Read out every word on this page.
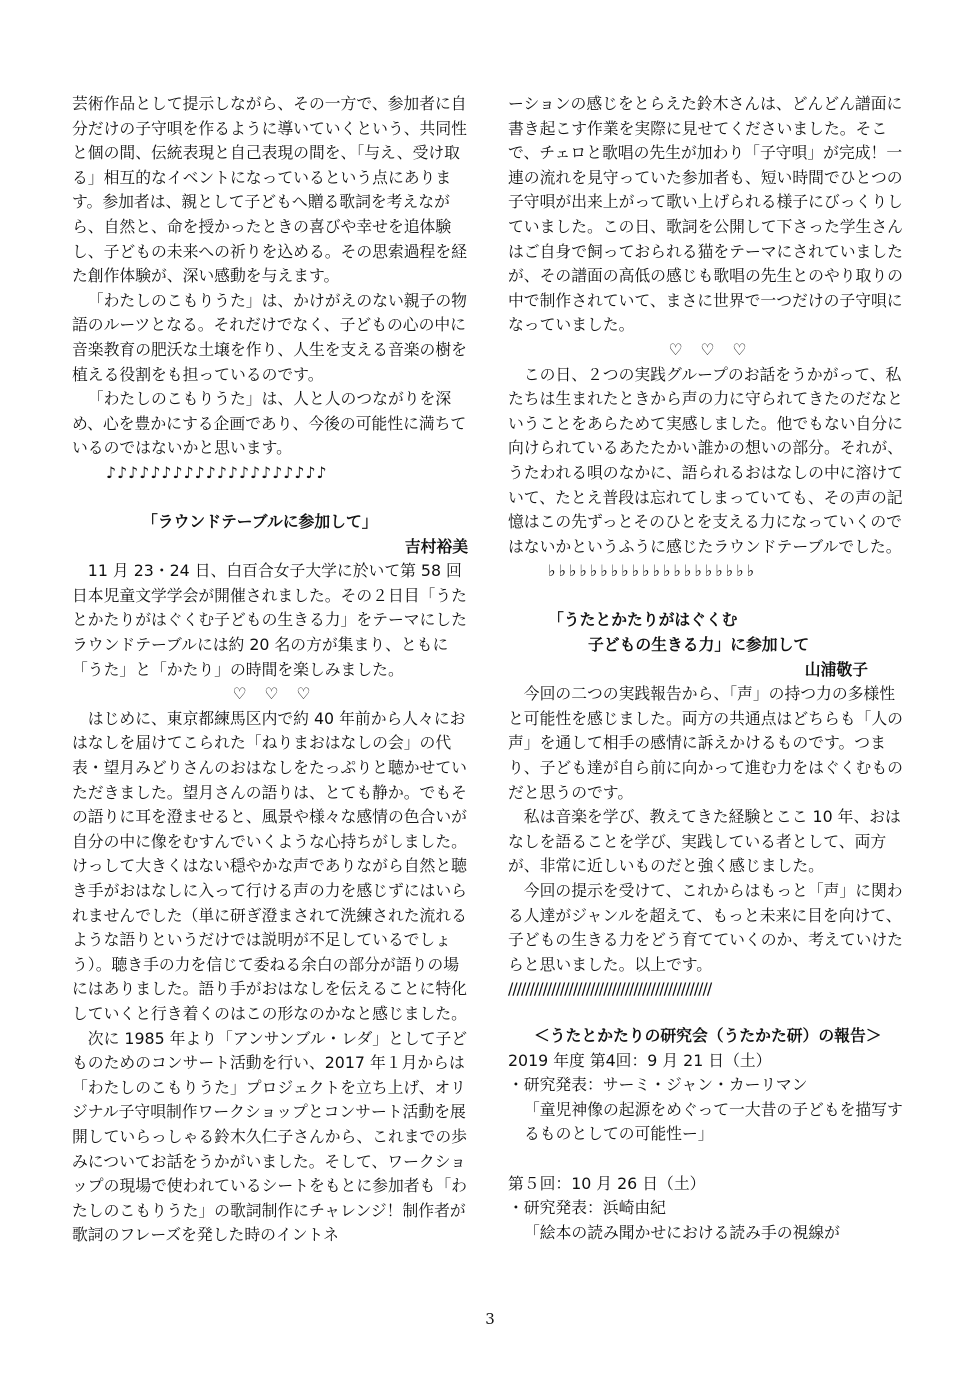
芸術作品として提示しながら、その一方で、参加者に自分だけの子守唄を作るように導いていくという、共同性と個の間、伝統表現と自己表現の間を、「与え、受け取る」相互的なイベントになっているという点にあります。参加者は、親として子どもへ贈る歌詞を考えながら、自然と、命を授かったときの喜びや幸せを追体験し、子どもの未来への祈りを込める。その思索過程を経た創作体験が、深い感動を与えます。

「わたしのこもりうた」は、かけがえのない親子の物語のルーツとなる。それだけでなく、子どもの心の中に音楽教育の肥沃な土壌を作り、人生を支える音楽の樹を植える役割をも担っているのです。

「わたしのこもりうた」は、人と人のつながりを深め、心を豊かにする企画であり、今後の可能性に満ちているのではないかと思います。

♪♪♪♪♪♪♪♪♪♪♪♪♪♪♪♪♪♪♪♪

「ラウンドテーブルに参加して」

吉村裕美

11 月 23・24 日、白百合女子大学に於いて第 58 回日本児童文学学会が開催されました。その２日目「うたとかたりがはぐくむ子どもの生きる力」をテーマにしたラウンドテーブルには約 20 名の方が集まり、ともに「うた」と「かたり」の時間を楽しみました。

♡　♡　♡

はじめに、東京都練馬区内で約 40 年前から人々におはなしを届けてこられた「ねりまおはなしの会」の代表・望月みどりさんのおはなしをたっぷりと聴かせていただきました。望月さんの語りは、とても静か。でもその語りに耳を澄ませると、風景や様々な感情の色合いが自分の中に像をむすんでいくような心持ちがしました。けっして大きくはない穏やかな声でありながら自然と聴き手がおはなしに入って行ける声の力を感じずにはいられませんでした（単に研ぎ澄まされて洗練された流れるような語りというだけでは説明が不足しているでしょう）。聴き手の力を信じて委ねる余白の部分が語りの場にはありました。語り手がおはなしを伝えることに特化していくと行き着くのはこの形なのかなと感じました。

次に 1985 年より「アンサンブル・レダ」として子どものためのコンサート活動を行い、2017 年１月からは「わたしのこもりうた」プロジェクトを立ち上げ、オリジナル子守唄制作ワークショップとコンサート活動を展開していらっしゃる鈴木久仁子さんから、これまでの歩みについてお話をうかがいました。そして、ワークショップの現場で使われているシートをもとに参加者も「わたしのこもりうた」の歌詞制作にチャレンジ！制作者が歌詞のフレーズを発した時のイントネ

ーションの感じをとらえた鈴木さんは、どんどん譜面に書き起こす作業を実際に見せてくださいました。そこで、チェロと歌唱の先生が加わり「子守唄」が完成！一連の流れを見守っていた参加者も、短い時間でひとつの子守唄が出来上がって歌い上げられる様子にびっくりしていました。この日、歌詞を公開して下さった学生さんはご自身で飼っておられる猫をテーマにされていましたが、その譜面の高低の感じも歌唱の先生とのやり取りの中で制作されていて、まさに世界で一つだけの子守唄になっていました。

♡　♡　♡

この日、２つの実践グループのお話をうかがって、私たちは生まれたときから声の力に守られてきたのだなということをあらためて実感しました。他でもない自分に向けられているあたたかい誰かの想いの部分。それが、うたわれる唄のなかに、語られるおはなしの中に溶けていて、たとえ普段は忘れてしまっていても、その声の記憶はこの先ずっとそのひとを支える力になっていくのではないかというふうに感じたラウンドテーブルでした。

♭♭♭♭♭♭♭♭♭♭♭♭♭♭♭♭♭♭♭♭

「うたとかたりがはぐくむ

子どもの生きる力」に参加して

山浦敬子

今回の二つの実践報告から、「声」の持つ力の多様性と可能性を感じました。両方の共通点はどちらも「人の声」を通して相手の感情に訴えかけるものです。つまり、子ども達が自ら前に向かって進む力をはぐくむものだと思うのです。

私は音楽を学び、教えてきた経験とここ 10 年、おはなしを語ることを学び、実践している者として、両方が、非常に近しいものだと強く感じました。

今回の提示を受けて、これからはもっと「声」に関わる人達がジャンルを超えて、もっと未来に目を向けて、子どもの生きる力をどう育てていくのか、考えていけたらと思いました。以上です。

///////////////////////////////////////////////

＜うたとかたりの研究会（うたかた研）の報告＞

2019 年度 第4回：9 月 21 日（土）

・研究発表：サーミ・ジャン・カーリマン

「童児神像の起源をめぐって一大昔の子どもを描写するものとしての可能性ー」

第５回：10 月 26 日（土）

・研究発表：浜崎由紀

「絵本の読み聞かせにおける読み手の視線が

3
